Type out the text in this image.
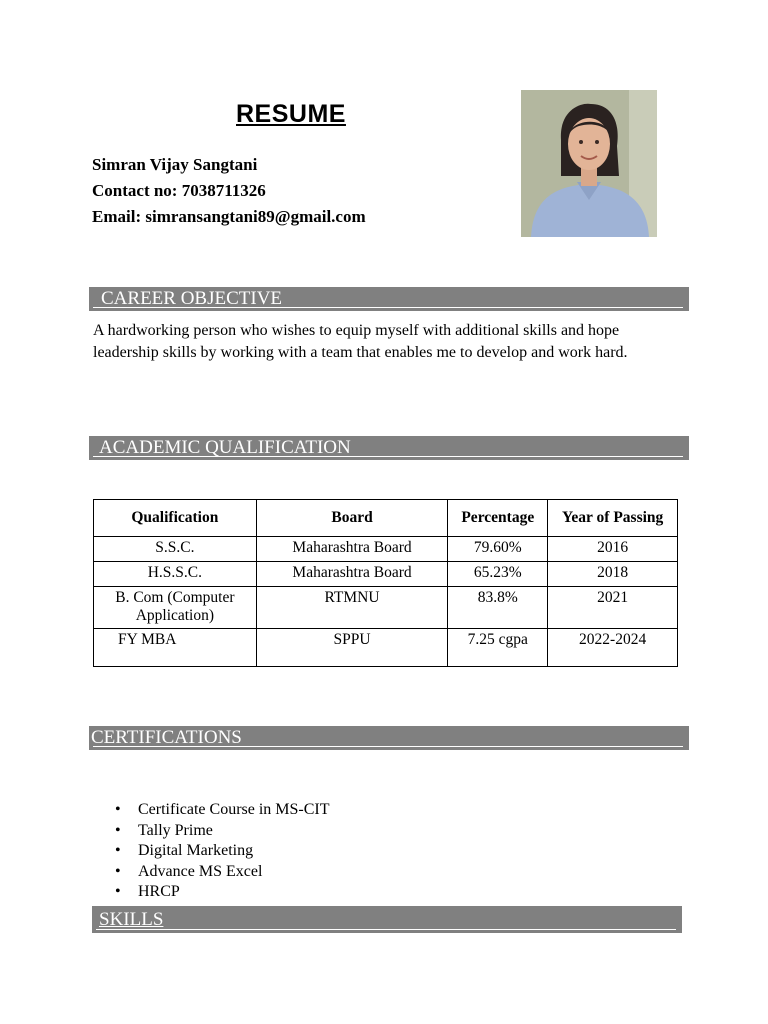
RESUME
Simran Vijay Sangtani
Contact no: 7038711326
Email: simransangtani89@gmail.com
CAREER OBJECTIVE

A hardworking person who wishes to equip myself with additional skills and hope leadership skills by working with a team that enables me to develop and work hard.

ACADEMIC QUALIFICATION
Qualification	Board	Percentage	Year of Passing
S.S.C.	Maharashtra Board	79.60%	2016
H.S.S.C.	Maharashtra Board	65.23%	2018
B. Com (Computer Application)	RTMNU	83.8%	2021
FY MBA	SPPU	7.25 cgpa	2022-2024
CERTIFICATIONS
• Certificate Course in MS-CIT
• Tally Prime
• Digital Marketing
• Advance MS Excel
• HRCP
SKILLS
